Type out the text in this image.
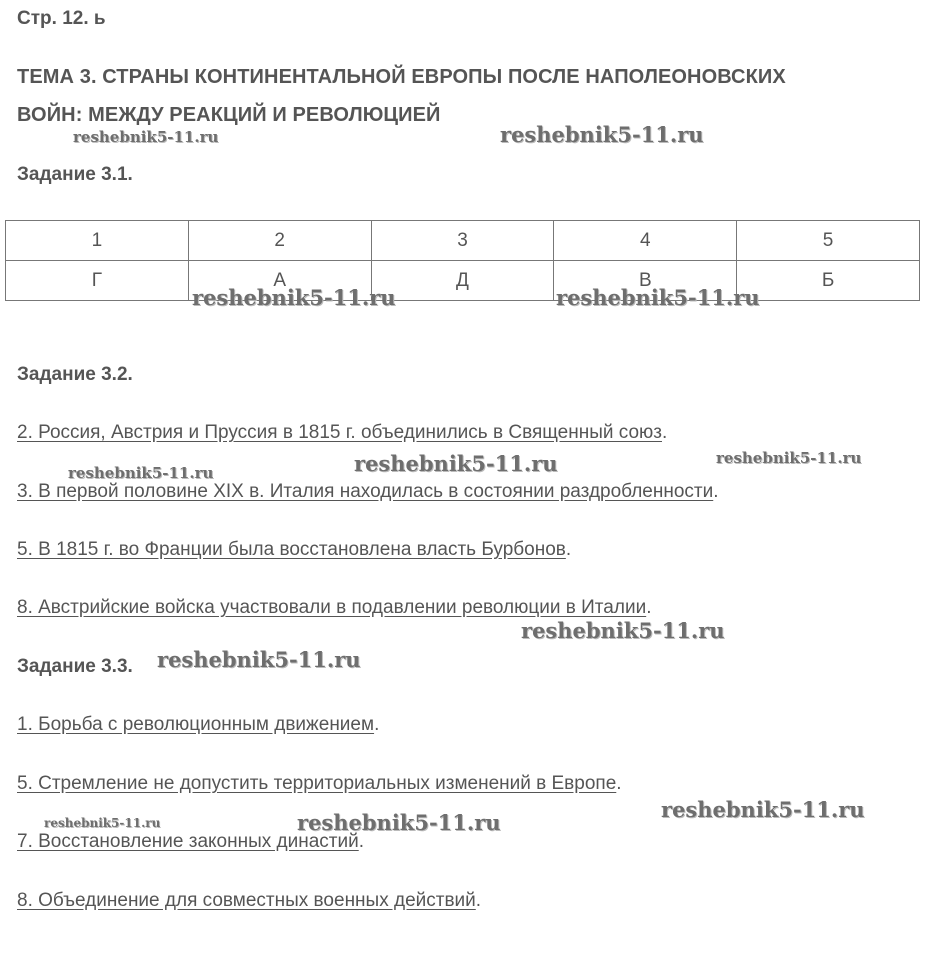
Стр. 12. ь
ТЕМА 3. СТРАНЫ КОНТИНЕНТАЛЬНОЙ ЕВРОПЫ ПОСЛЕ НАПОЛЕОНОВСКИХ
ВОЙН: МЕЖДУ РЕАКЦИЙ И РЕВОЛЮЦИЕЙ
Задание 3.1.
1	2	3	4	5
Г	А	Д	В	Б
Задание 3.2.
2. Россия, Австрия и Пруссия в 1815 г. объединились в Священный союз.
3. В первой половине XIX в. Италия находилась в состоянии раздробленности.
5. В 1815 г. во Франции была восстановлена власть Бурбонов.
8. Австрийские войска участвовали в подавлении революции в Италии.
Задание 3.3.
1. Борьба с революционным движением.
5. Стремление не допустить территориальных изменений в Европе.
7. Восстановление законных династий.
8. Объединение для совместных военных действий.
reshebnik5-11.ru	reshebnik5-11.ru
reshebnik5-11.ru	reshebnik5-11.ru
reshebnik5-11.ru	reshebnik5-11.ru	reshebnik5-11.ru
reshebnik5-11.ru
reshebnik5-11.ru
reshebnik5-11.ru
reshebnik5-11.ru
reshebnik5-11.ru
